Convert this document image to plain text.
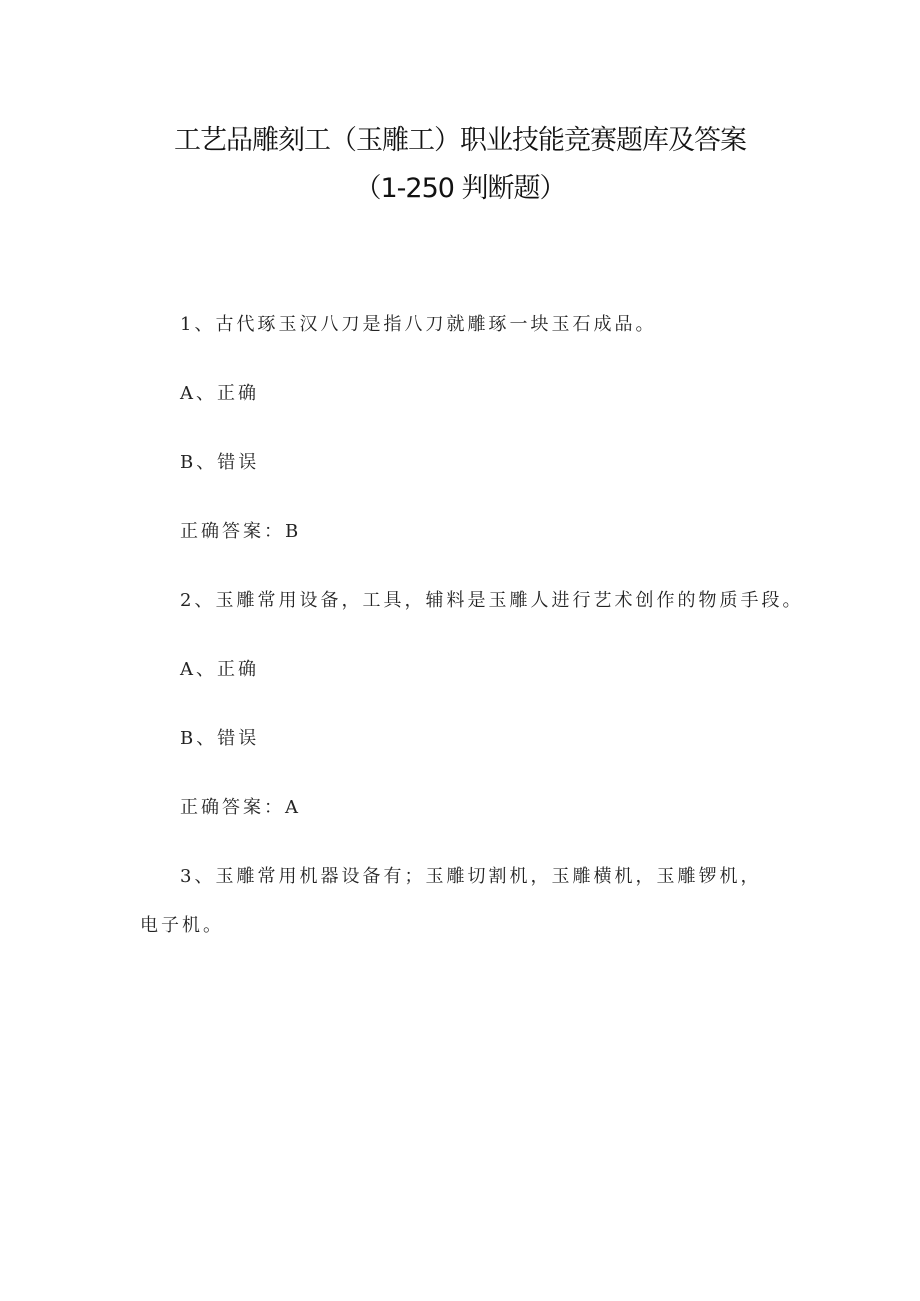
工艺品雕刻工（玉雕工）职业技能竞赛题库及答案
（1-250 判断题）
1、古代琢玉汉八刀是指八刀就雕琢一块玉石成品。
A、正确
B、错误
正确答案：B
2、玉雕常用设备，工具，辅料是玉雕人进行艺术创作的物质手段。
A、正确
B、错误
正确答案：A
3、玉雕常用机器设备有；玉雕切割机，玉雕横机，玉雕锣机，
电子机。
